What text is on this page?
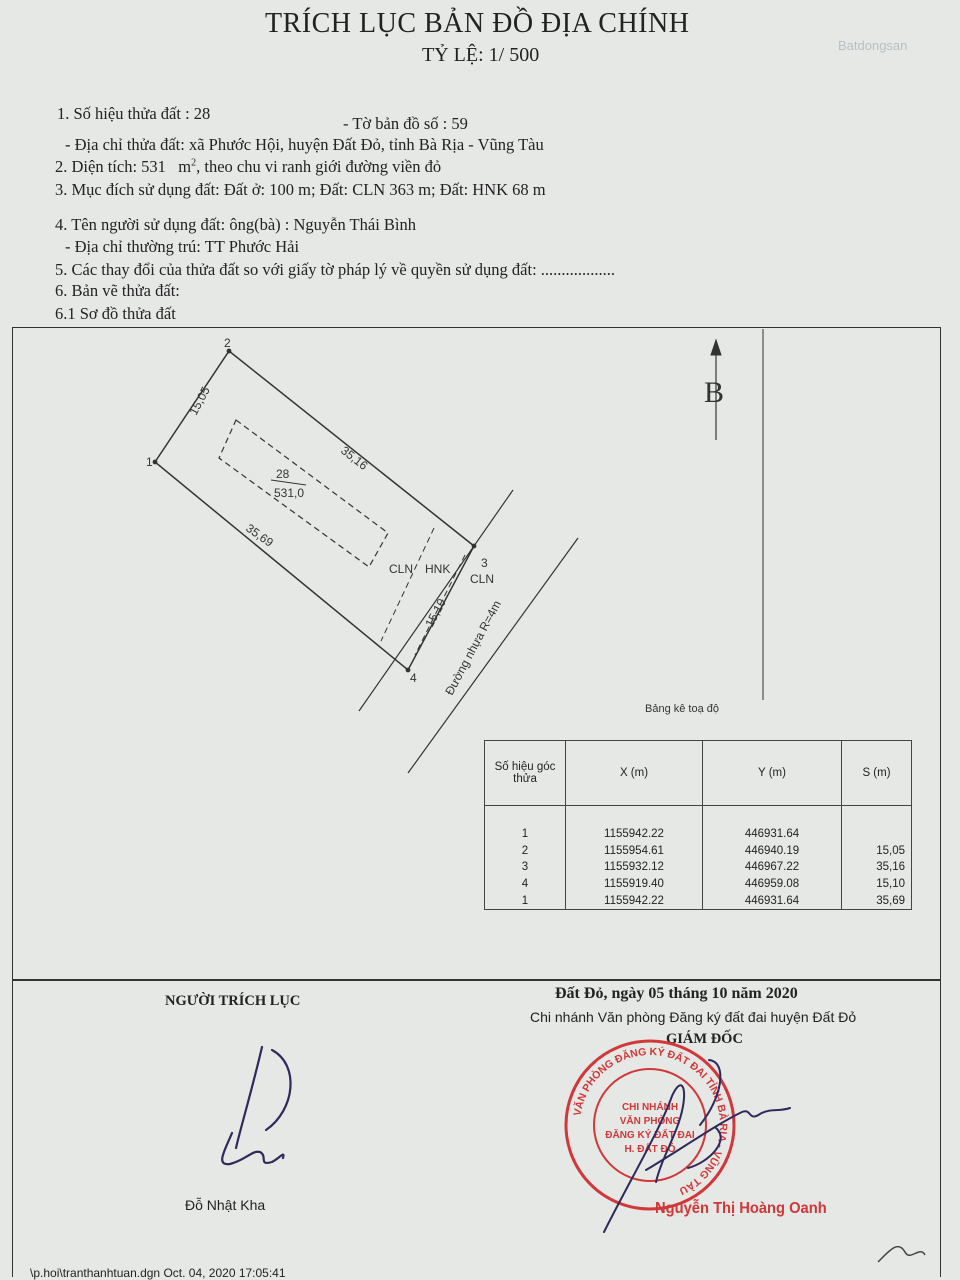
TRÍCH LỤC BẢN ĐỒ ĐỊA CHÍNH
TỶ LỆ: 1/ 500	Batdongsan
1. Số hiệu thửa đất : 28
- Tờ bản đồ số : 59
- Địa chỉ thửa đất: xã Phước Hội, huyện Đất Đỏ, tỉnh Bà Rịa - Vũng Tàu
2. Diện tích: 531   $m^2$, theo chu vi ranh giới đường viền đỏ
3. Mục đích sử dụng đất: Đất ở: 100 m; Đất: CLN 363 m; Đất: HNK 68 m
4. Tên người sử dụng đất: ông(bà) : Nguyễn Thái Bình
- Địa chỉ thường trú: TT Phước Hải
5. Các thay đổi của thửa đất so với giấy tờ pháp lý về quyền sử dụng đất: ..................
6. Bản vẽ thửa đất:
6.1 Sơ đồ thửa đất
1
2
3
4
15,05
35,16
35,69
15,10
28
531,0
CLN HNK
CLN
Đường nhựa R=4m
B
Bảng kê toạ độ
Số hiệu góc thửa	X (m)	Y (m)	S (m)

1	1155942.22	446931.64	
2	1155954.61	446940.19	15,05
3	1155932.12	446967.22	35,16
4	1155919.40	446959.08	15,10
1	1155942.22	446931.64	35,69
NGƯỜI TRÍCH LỤC
Đỗ Nhật Kha
Đất Đỏ, ngày 05 tháng 10 năm 2020
Chi nhánh Văn phòng Đăng ký đất đai huyện Đất Đỏ
GIÁM ĐỐC
Nguyễn Thị Hoàng Oanh
\p.hoi\tranthanhtuan.dgn Oct. 04, 2020 17:05:41
VĂN PHÒNG ĐĂNG KÝ ĐẤT ĐAI TỈNH BÀ RỊA - VŨNG TÀU
CHI NHÁNH
VĂN PHÒNG
ĐĂNG KÝ ĐẤT ĐAI
H. ĐẤT ĐỎ
